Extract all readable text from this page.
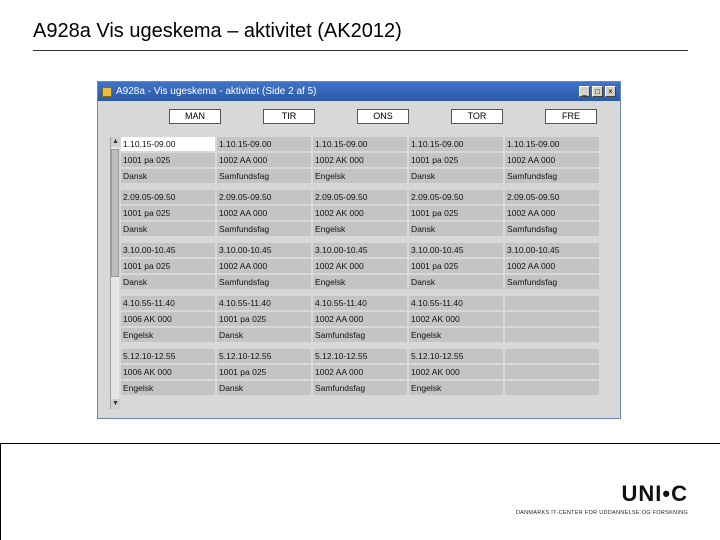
A928a Vis ugeskema – aktivitet (AK2012)
A928a - Vis ugeskema - aktivitet (Side 2 af 5)	_	□	×
MAN	TIR	ONS	TOR	FRE
▲
▼
1.10.15-09.00	1.10.15-09.00	1.10.15-09.00	1.10.15-09.00	1.10.15-09.00
1001 pa 025	1002 AA 000	1002 AK 000	1001 pa 025	1002 AA 000
Dansk	Samfundsfag	Engelsk	Dansk	Samfundsfag
2.09.05-09.50	2.09.05-09.50	2.09.05-09.50	2.09.05-09.50	2.09.05-09.50
1001 pa 025	1002 AA 000	1002 AK 000	1001 pa 025	1002 AA 000
Dansk	Samfundsfag	Engelsk	Dansk	Samfundsfag
3.10.00-10.45	3.10.00-10.45	3.10.00-10.45	3.10.00-10.45	3.10.00-10.45
1001 pa 025	1002 AA 000	1002 AK 000	1001 pa 025	1002 AA 000
Dansk	Samfundsfag	Engelsk	Dansk	Samfundsfag
4.10.55-11.40	4.10.55-11.40	4.10.55-11.40	4.10.55-11.40
1006 AK 000	1001 pa 025	1002 AA 000	1002 AK 000
Engelsk	Dansk	Samfundsfag	Engelsk
5.12.10-12.55	5.12.10-12.55	5.12.10-12.55	5.12.10-12.55
1006 AK 000	1001 pa 025	1002 AA 000	1002 AK 000
Engelsk	Dansk	Samfundsfag	Engelsk
UNI•C
DANMARKS IT-CENTER FOR UDDANNELSE OG FORSKNING
